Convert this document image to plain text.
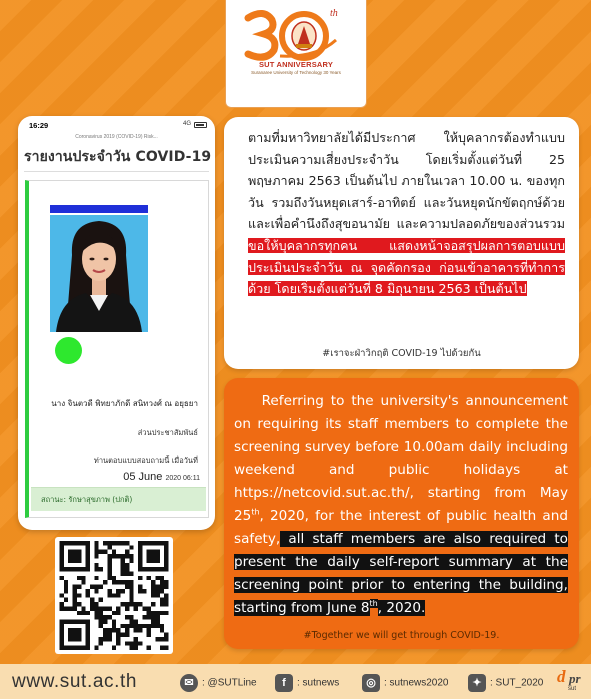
th
SUT ANNIVERSARY
Suranaree University of Technology 30 Years
16:29	4G
Coronavirus 2019 (COVID-19) Risk...
รายงานประจำวัน COVID-19
นาง จินตวดี พิทยาภักดี สนิทวงศ์ ณ อยุธยา
ส่วนประชาสัมพันธ์
ท่านตอบแบบสอบถามนี้ เมื่อวันที่
05 June 2020 06:11
สถานะ: รักษาสุขภาพ (ปกติ)
ตามที่มหาวิทยาลัยได้มีประกาศ ให้บุคลากรต้องทำแบบประเมินความเสี่ยงประจำวัน โดยเริ่มตั้งแต่วันที่ 25 พฤษภาคม 2563 เป็นต้นไป ภายในเวลา 10.00 น. ของทุกวัน รวมถึงวันหยุดเสาร์-อาทิตย์ และวันหยุดนักขัตฤกษ์ด้วย และเพื่อคำนึงถึงสุขอนามัย และความปลอดภัยของส่วนรวมขอให้บุคลากรทุกคน แสดงหน้าจอสรุปผลการตอบแบบประเมินประจำวัน ณ จุดคัดกรอง ก่อนเข้าอาคารที่ทำการด้วย โดยเริ่มตั้งแต่วันที่ 8 มิถุนายน 2563 เป็นต้นไป
#เราจะฝ่าวิกฤติ COVID-19 ไปด้วยกัน
Referring to the university's announcement on requiring its staff members to complete the screening survey before 10.00am daily including weekend and public holidays at https://netcovid.sut.ac.th/, starting from May 25th, 2020, for the interest of public health and safety, all staff members are also required to present the daily self-report summary at the screening point prior to entering the building, starting from June 8th, 2020.
#Together we will get through COVID-19.
www.sut.ac.th	✉ : @SUTLine	f : sutnews	◎ : sutnews2020	✦ : SUT_2020 d pr
sut
